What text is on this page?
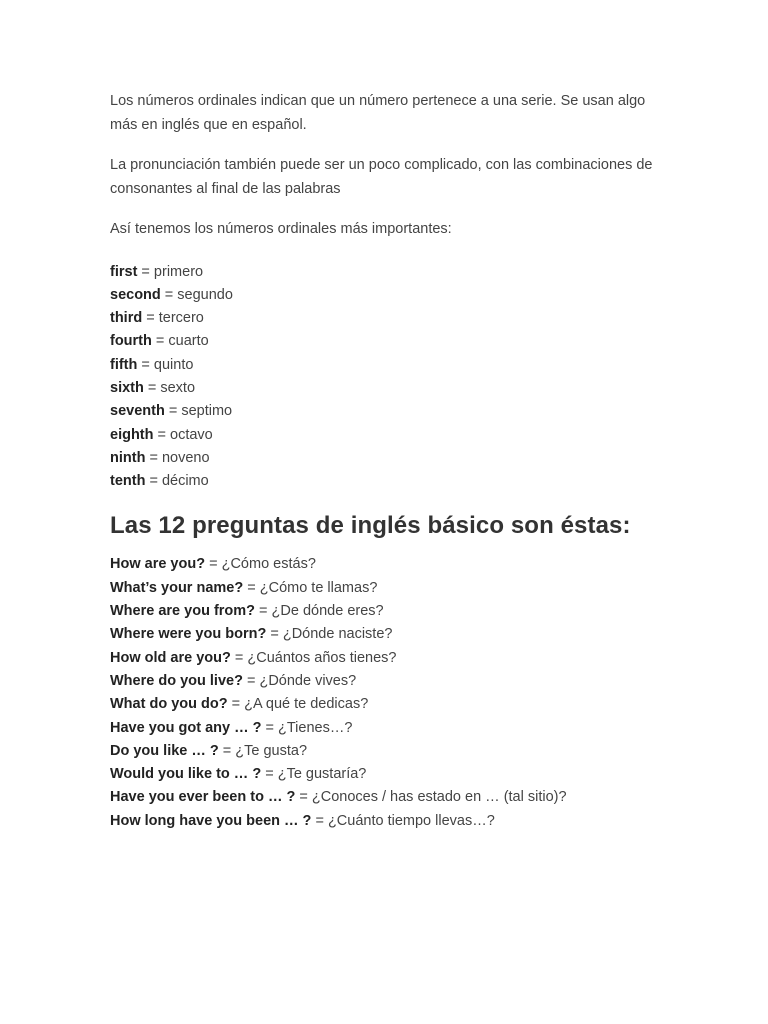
Los números ordinales indican que un número pertenece a una serie. Se usan algo más en inglés que en español.

La pronunciación también puede ser un poco complicado, con las combinaciones de consonantes al final de las palabras

Así tenemos los números ordinales más importantes:

first = primero
second = segundo
third = tercero
fourth = cuarto
fifth = quinto
sixth = sexto
seventh = septimo
eighth = octavo
ninth = noveno
tenth = décimo
Las 12 preguntas de inglés básico son éstas:
How are you? = ¿Cómo estás?
What’s your name? = ¿Cómo te llamas?
Where are you from? = ¿De dónde eres?
Where were you born? = ¿Dónde naciste?
How old are you? = ¿Cuántos años tienes?
Where do you live? = ¿Dónde vives?
What do you do? = ¿A qué te dedicas?
Have you got any … ? = ¿Tienes…?
Do you like … ? = ¿Te gusta?
Would you like to … ? = ¿Te gustaría?
Have you ever been to … ? = ¿Conoces / has estado en … (tal sitio)?
How long have you been … ? = ¿Cuánto tiempo llevas…?
